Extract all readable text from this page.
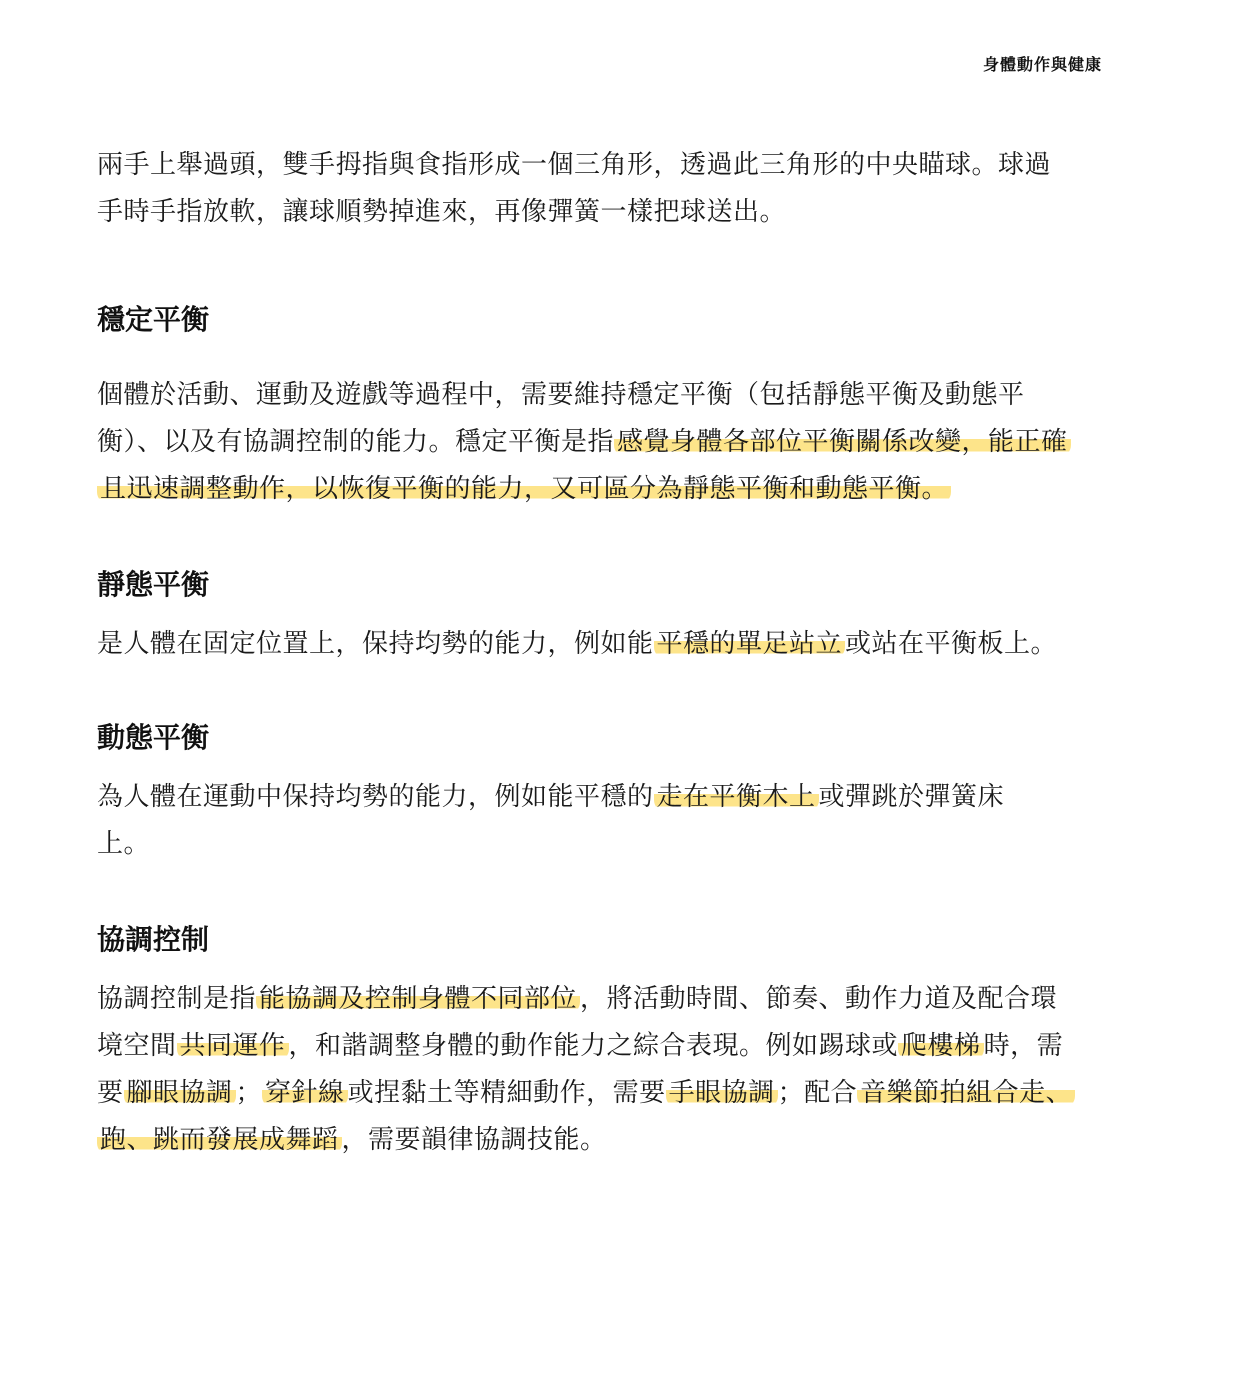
身體動作與健康

兩手上舉過頭，雙手拇指與食指形成一個三角形，透過此三角形的中央瞄球。球過手時手指放軟，讓球順勢掉進來，再像彈簧一樣把球送出。

穩定平衡

個體於活動、運動及遊戲等過程中，需要維持穩定平衡（包括靜態平衡及動態平衡）、以及有協調控制的能力。穩定平衡是指 感覺身體各部位平衡關係改變，能正確且迅速調整動作，以恢復平衡的能力，又可區分為靜態平衡和動態平衡。

靜態平衡

是人體在固定位置上，保持均勢的能力，例如能 平穩的單足站立 或站在平衡板上。

動態平衡

為人體在運動中保持均勢的能力，例如能平穩的 走在平衡木上 或彈跳於彈簧床上。

協調控制

協調控制是指 能協調及控制身體不同部位 ，將活動時間、節奏、動作力道及配合環境空間 共同運作 ，和諧調整身體的動作能力之綜合表現。例如踢球或 爬樓梯 時，需要 腳眼協調 ； 穿針線 或捏黏土等精細動作，需要 手眼協調 ；配合 音樂節拍組合走、跑、跳而發展成舞蹈 ，需要韻律協調技能。
